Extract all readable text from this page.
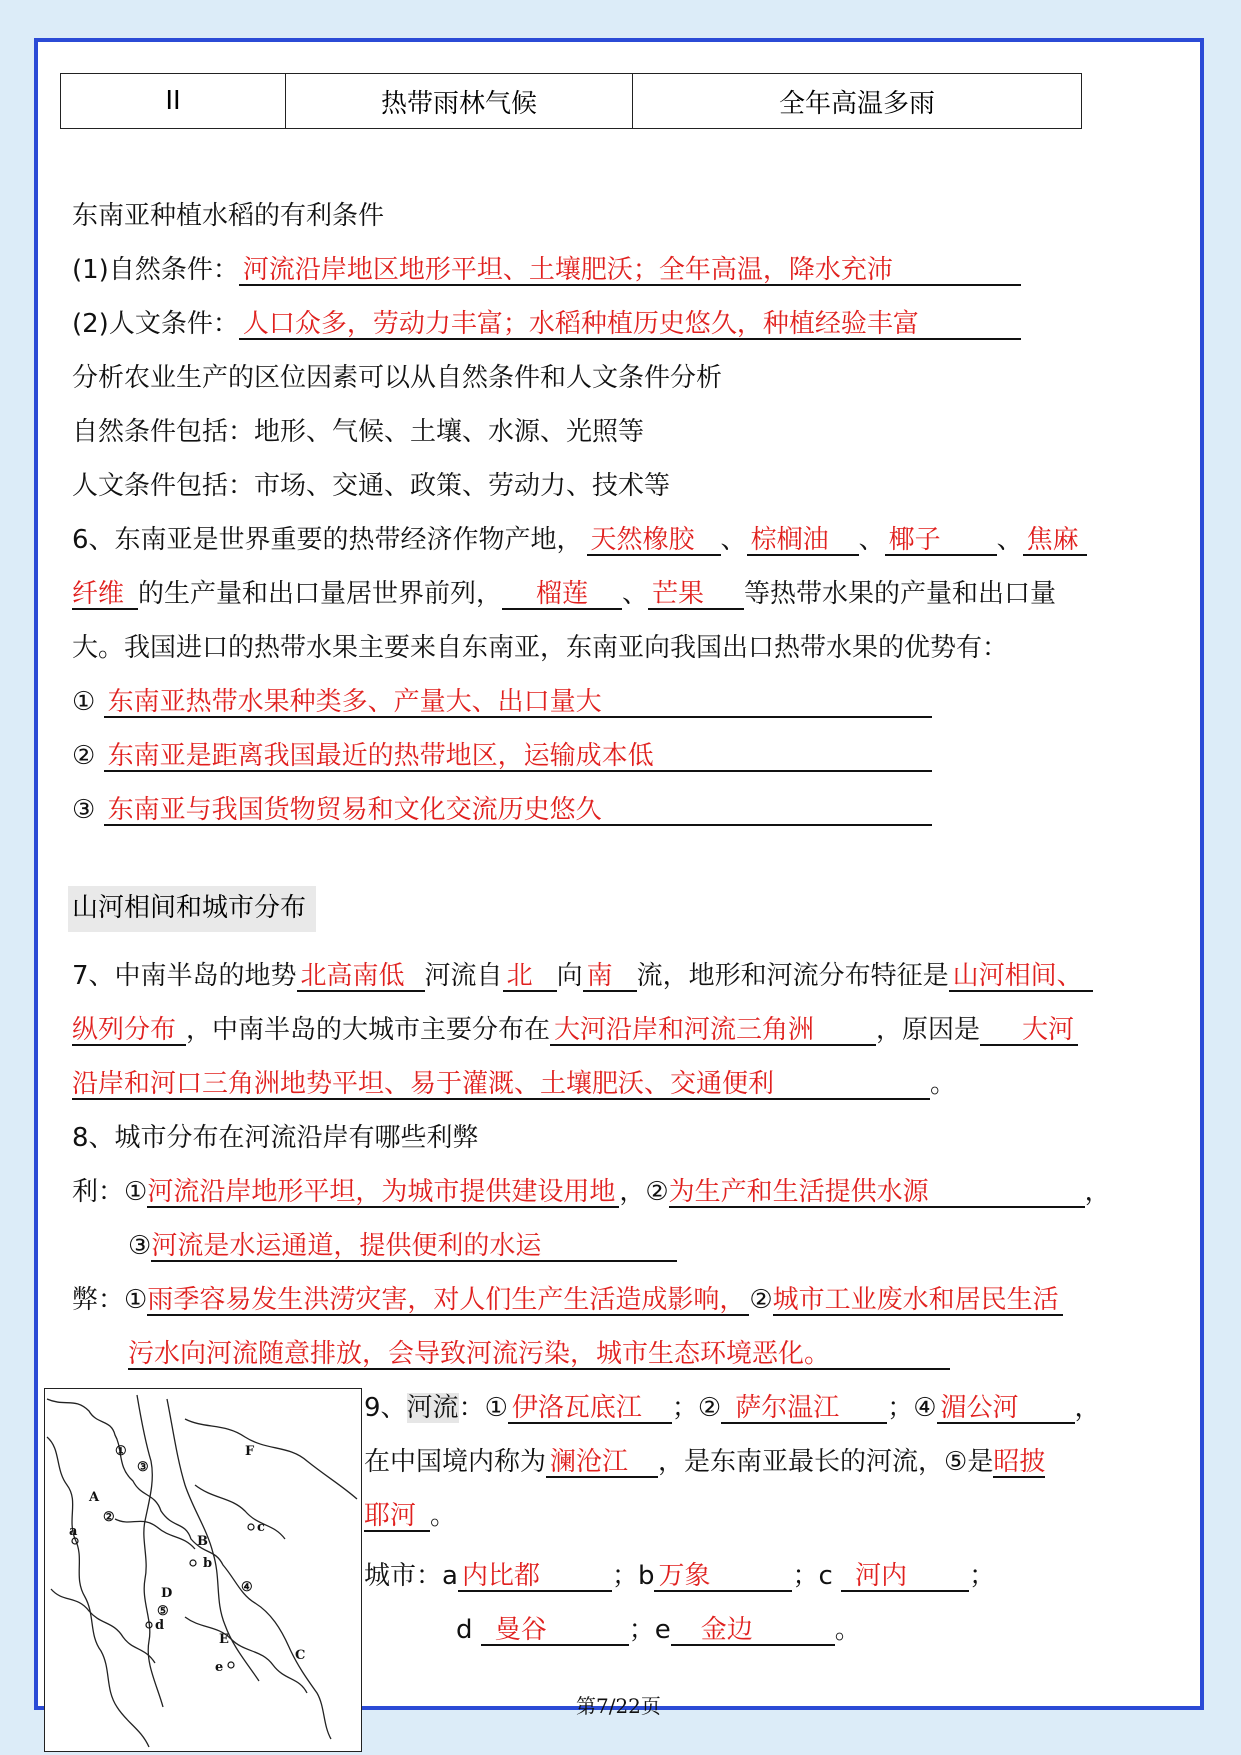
II	热带雨林气候	全年高温多雨
东南亚种植水稻的有利条件
(1)自然条件： 河流沿岸地区地形平坦、土壤肥沃；全年高温，降水充沛
(2)人文条件： 人口众多，劳动力丰富；水稻种植历史悠久，种植经验丰富
分析农业生产的区位因素可以从自然条件和人文条件分析
自然条件包括：地形、气候、土壤、水源、光照等
人文条件包括：市场、交通、政策、劳动力、技术等
6、东南亚是世界重要的热带经济作物产地， 天然橡胶 、 棕榈油 、 椰子 、 焦麻
纤维 的生产量和出口量居世界前列， 榴莲 、 芒果 等热带水果的产量和出口量
大。我国进口的热带水果主要来自东南亚，东南亚向我国出口热带水果的优势有：
① 东南亚热带水果种类多、产量大、出口量大
② 东南亚是距离我国最近的热带地区，运输成本低
③ 东南亚与我国货物贸易和文化交流历史悠久
山河相间和城市分布
7、中南半岛的地势 北高南低 河流自 北 向 南 流，地形和河流分布特征是 山河相间、
纵列分布 ，中南半岛的大城市主要分布在 大河沿岸和河流三角洲 ，原因是 大河
沿岸和河口三角洲地势平坦、易于灌溉、土壤肥沃、交通便利	。
8、城市分布在河流沿岸有哪些利弊
利：①河流沿岸地形平坦，为城市提供建设用地 ，②为生产和生活提供水源	，
③河流是水运通道，提供便利的水运
弊：①雨季容易发生洪涝灾害，对人们生产生活造成影响， ②城市工业废水和居民生活
污水向河流随意排放，会导致河流污染，城市生态环境恶化。
A
B
C
D
E
F
a
b
c
d
e
①
②
③
④
⑤
9、河流：① 伊洛瓦底江 ；② 萨尔温江 ；④ 湄公河 ，
在中国境内称为 澜沧江 ，是东南亚最长的河流，⑤是昭披
耶河 。
城市：a 内比都	；b 万象	；c 河内 ；
d 曼谷	；e 金边	。
第7/22页
